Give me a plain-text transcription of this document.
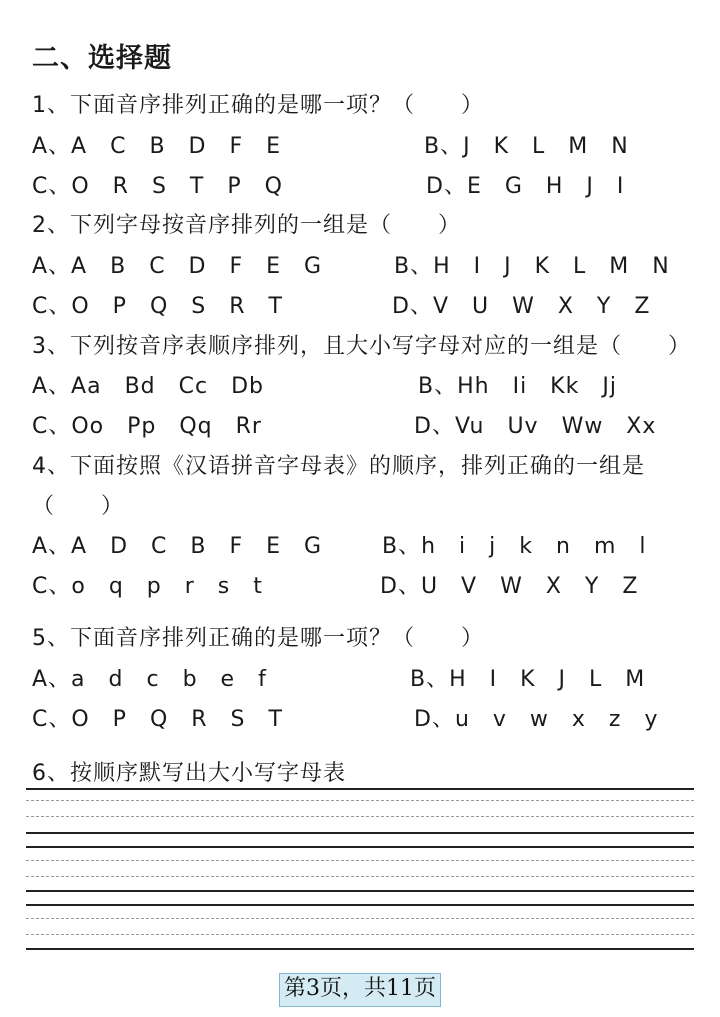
二、选择题
1、下面音序排列正确的是哪一项？（　　）
A、A　C　B　D　F　E	B、J　K　L　M　N
C、O　R　S　T　P　Q	D、E　G　H　J　I
2、下列字母按音序排列的一组是（　　）
A、A　B　C　D　F　E　G	B、H　I　J　K　L　M　N
C、O　P　Q　S　R　T	D、V　U　W　X　Y　Z
3、下列按音序表顺序排列，且大小写字母对应的一组是（　　）
A、Aa　Bd　Cc　Db	B、Hh　Ii　Kk　Jj
C、Oo　Pp　Qq　Rr	D、Vu　Uv　Ww　Xx
4、下面按照《汉语拼音字母表》的顺序，排列正确的一组是
（　　）
A、A　D　C　B　F　E　G	B、h　i　j　k　n　m　l
C、o　q　p　r　s　t	D、U　V　W　X　Y　Z
5、下面音序排列正确的是哪一项？（　　）
A、a　d　c　b　e　f	B、H　I　K　J　L　M
C、O　P　Q　R　S　T	D、u　v　w　x　z　y
6、按顺序默写出大小写字母表
第3页，共11页
